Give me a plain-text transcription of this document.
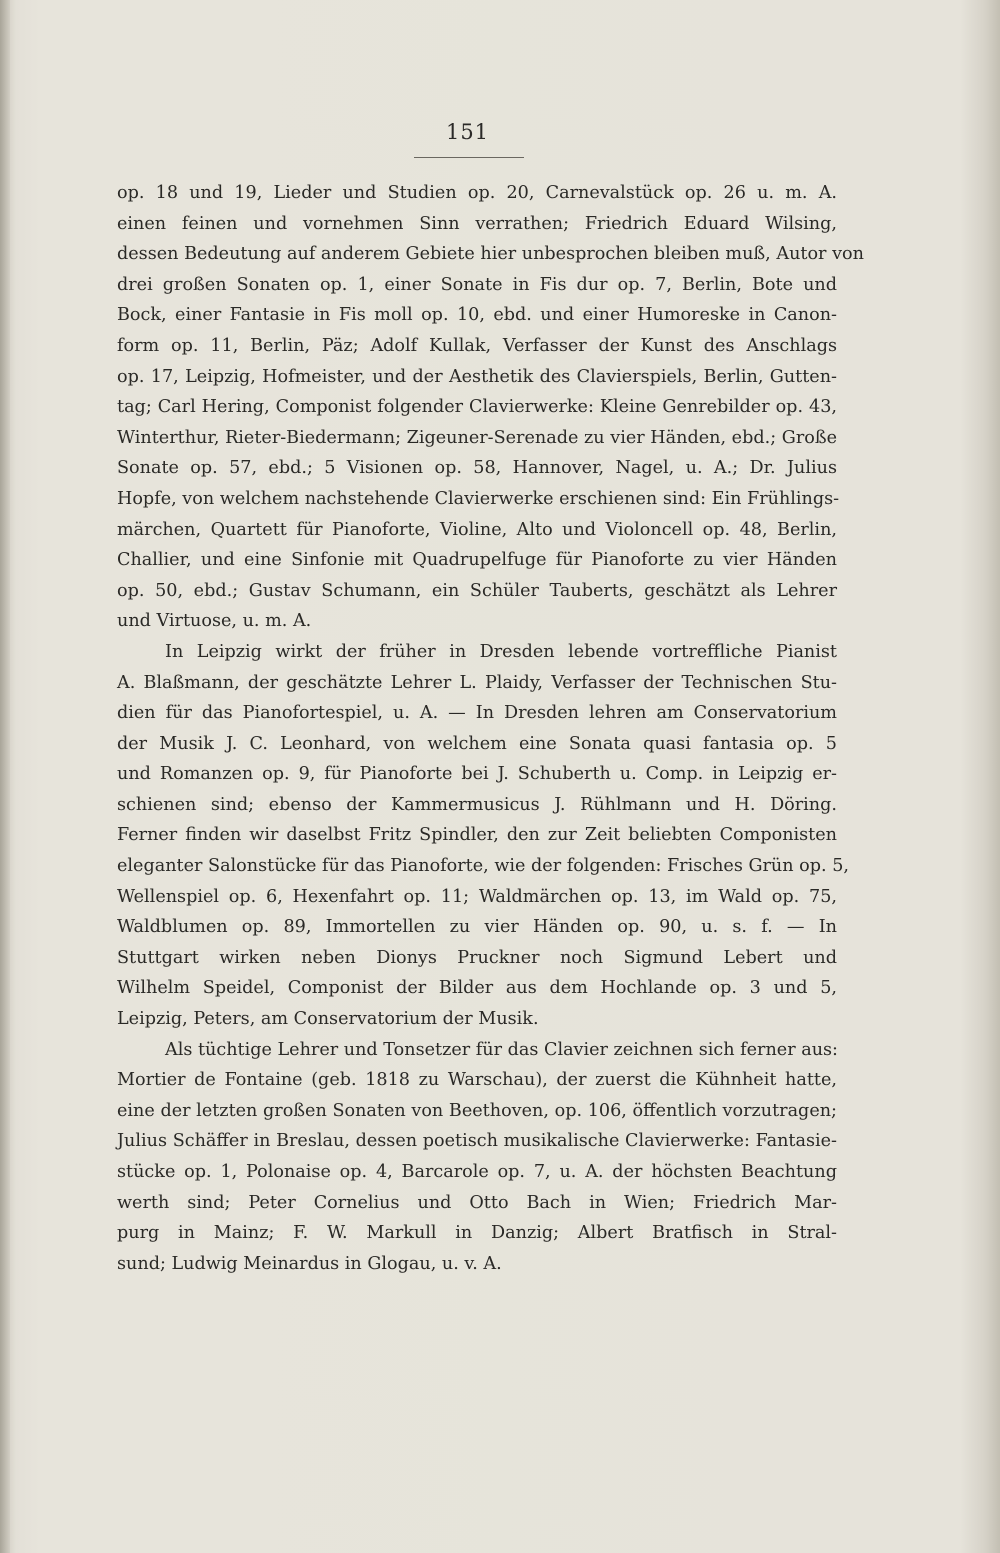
151

op. 18 und 19, Lieder und Studien op. 20, Carnevalstück op. 26 u. m. A.
einen feinen und vornehmen Sinn verrathen; Friedrich Eduard Wilsing,
dessen Bedeutung auf anderem Gebiete hier unbesprochen bleiben muß, Autor von
drei großen Sonaten op. 1, einer Sonate in Fis dur op. 7, Berlin, Bote und
Bock, einer Fantasie in Fis moll op. 10, ebd. und einer Humoreske in Canon-
form op. 11, Berlin, Päz; Adolf Kullak, Verfasser der Kunst des Anschlags
op. 17, Leipzig, Hofmeister, und der Aesthetik des Clavierspiels, Berlin, Gutten-
tag; Carl Hering, Componist folgender Clavierwerke: Kleine Genrebilder op. 43,
Winterthur, Rieter-Biedermann; Zigeuner-Serenade zu vier Händen, ebd.; Große
Sonate op. 57, ebd.; 5 Visionen op. 58, Hannover, Nagel, u. A.; Dr. Julius
Hopfe, von welchem nachstehende Clavierwerke erschienen sind: Ein Frühlings-
märchen, Quartett für Pianoforte, Violine, Alto und Violoncell op. 48, Berlin,
Challier, und eine Sinfonie mit Quadrupelfuge für Pianoforte zu vier Händen
op. 50, ebd.; Gustav Schumann, ein Schüler Tauberts, geschätzt als Lehrer
und Virtuose, u. m. A.

In Leipzig wirkt der früher in Dresden lebende vortreffliche Pianist
A. Blaßmann, der geschätzte Lehrer L. Plaidy, Verfasser der Technischen Stu-
dien für das Pianofortespiel, u. A. — In Dresden lehren am Conservatorium
der Musik J. C. Leonhard, von welchem eine Sonata quasi fantasia op. 5
und Romanzen op. 9, für Pianoforte bei J. Schuberth u. Comp. in Leipzig er-
schienen sind; ebenso der Kammermusicus J. Rühlmann und H. Döring.
Ferner finden wir daselbst Fritz Spindler, den zur Zeit beliebten Componisten
eleganter Salonstücke für das Pianoforte, wie der folgenden: Frisches Grün op. 5,
Wellenspiel op. 6, Hexenfahrt op. 11; Waldmärchen op. 13, im Wald op. 75,
Waldblumen op. 89, Immortellen zu vier Händen op. 90, u. s. f. — In
Stuttgart wirken neben Dionys Pruckner noch Sigmund Lebert und
Wilhelm Speidel, Componist der Bilder aus dem Hochlande op. 3 und 5,
Leipzig, Peters, am Conservatorium der Musik.

Als tüchtige Lehrer und Tonsetzer für das Clavier zeichnen sich ferner aus:
Mortier de Fontaine (geb. 1818 zu Warschau), der zuerst die Kühnheit hatte,
eine der letzten großen Sonaten von Beethoven, op. 106, öffentlich vorzutragen;
Julius Schäffer in Breslau, dessen poetisch musikalische Clavierwerke: Fantasie-
stücke op. 1, Polonaise op. 4, Barcarole op. 7, u. A. der höchsten Beachtung
werth sind; Peter Cornelius und Otto Bach in Wien; Friedrich Mar-
purg in Mainz; F. W. Markull in Danzig; Albert Bratfisch in Stral-
sund; Ludwig Meinardus in Glogau, u. v. A.
